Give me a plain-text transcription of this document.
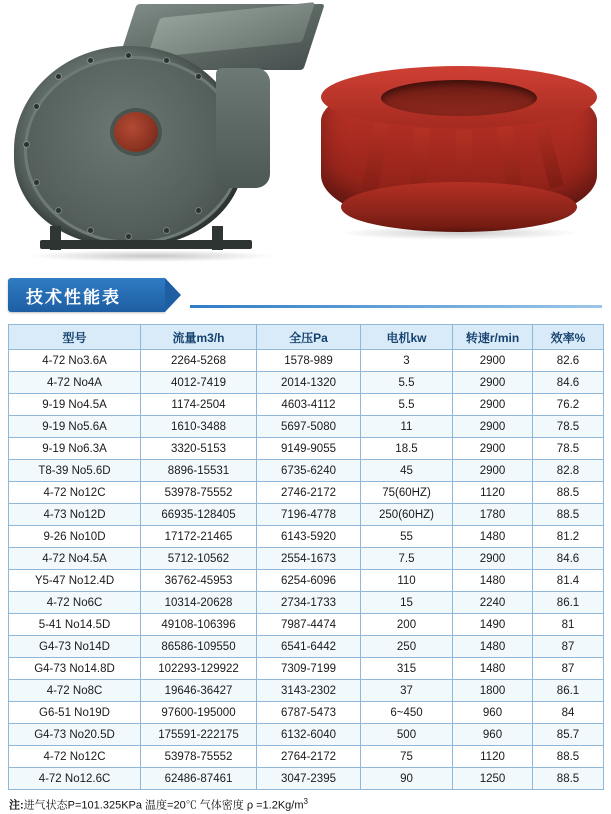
技术性能表
型号	流量m3/h	全压Pa	电机kw	转速r/min	效率%
4-72 No3.6A	2264-5268	1578-989	3	2900	82.6
4-72 No4A	4012-7419	2014-1320	5.5	2900	84.6
9-19 No4.5A	1174-2504	4603-4112	5.5	2900	76.2
9-19 No5.6A	1610-3488	5697-5080	11	2900	78.5
9-19 No6.3A	3320-5153	9149-9055	18.5	2900	78.5
T8-39 No5.6D	8896-15531	6735-6240	45	2900	82.8
4-72 No12C	53978-75552	2746-2172	75(60HZ)	1120	88.5
4-73 No12D	66935-128405	7196-4778	250(60HZ)	1780	88.5
9-26 No10D	17172-21465	6143-5920	55	1480	81.2
4-72 No4.5A	5712-10562	2554-1673	7.5	2900	84.6
Y5-47 No12.4D	36762-45953	6254-6096	110	1480	81.4
4-72 No6C	10314-20628	2734-1733	15	2240	86.1
5-41 No14.5D	49108-106396	7987-4474	200	1490	81
G4-73 No14D	86586-109550	6541-6442	250	1480	87
G4-73 No14.8D	102293-129922	7309-7199	315	1480	87
4-72 No8C	19646-36427	3143-2302	37	1800	86.1
G6-51 No19D	97600-195000	6787-5473	6~450	960	84
G4-73 No20.5D	175591-222175	6132-6040	500	960	85.7
4-72 No12C	53978-75552	2764-2172	75	1120	88.5
4-72 No12.6C	62486-87461	3047-2395	90	1250	88.5
注:进气状态P=101.325KPa 温度=20℃ 气体密度 $\rho =1.2Kg/m^3$
